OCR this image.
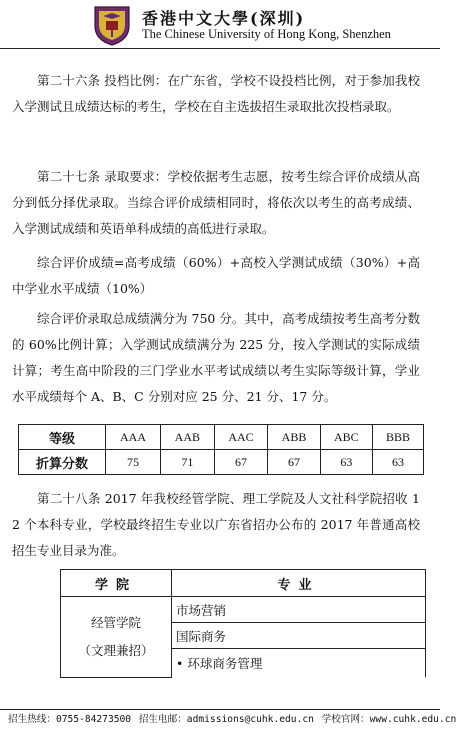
香港中文大學(深圳)
The Chinese University of Hong Kong, Shenzhen
第二十六条 投档比例：在广东省，学校不设投档比例，对于参加我校入学测试且成绩达标的考生，学校在自主选拔招生录取批次投档录取。
第二十七条 录取要求：学校依据考生志愿，按考生综合评价成绩从高分到低分择优录取。当综合评价成绩相同时，将依次以考生的高考成绩、入学测试成绩和英语单科成绩的高低进行录取。
综合评价成绩=高考成绩（60%）+高校入学测试成绩（30%）+高中学业水平成绩（10%）
综合评价录取总成绩满分为 750 分。其中，高考成绩按考生高考分数的 60%比例计算；入学测试成绩满分为 225 分，按入学测试的实际成绩计算；考生高中阶段的三门学业水平考试成绩以考生实际等级计算，学业水平成绩每个 A、B、C 分别对应 25 分、21 分、17 分。
等级	AAA	AAB	AAC	ABB	ABC	BBB
折算分数	75	71	67	67	63	63
第二十八条 2017 年我校经管学院、理工学院及人文社科学院招收 12 个本科专业，学校最终招生专业以广东省招办公布的 2017 年普通高校招生专业目录为准。
学院	专业

经管学院
（文理兼招）	市场营销
	国际商务
	• 环球商务管理
招生热线：0755-84273500 招生电邮：admissions@cuhk.edu.cn 学校官网：www.cuhk.edu.cn
